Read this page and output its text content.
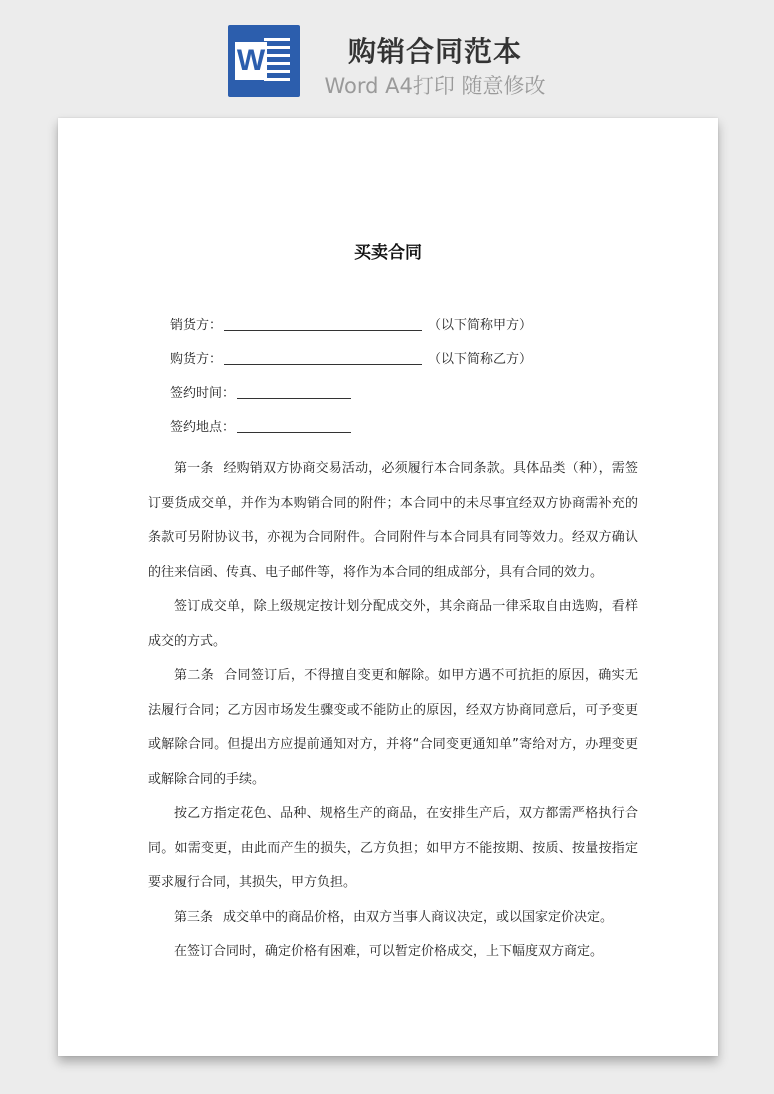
W	购销合同范本
Word A4打印 随意修改
买卖合同
销货方：	（以下简称甲方）
购货方：	（以下简称乙方）
签约时间：
签约地点：

第一条 经购销双方协商交易活动，必须履行本合同条款。具体品类（种），需签订要货成交单，并作为本购销合同的附件；本合同中的未尽事宜经双方协商需补充的条款可另附协议书，亦视为合同附件。合同附件与本合同具有同等效力。经双方确认的往来信函、传真、电子邮件等，将作为本合同的组成部分，具有合同的效力。

签订成交单，除上级规定按计划分配成交外，其余商品一律采取自由选购，看样成交的方式。

第二条 合同签订后，不得擅自变更和解除。如甲方遇不可抗拒的原因，确实无法履行合同；乙方因市场发生骤变或不能防止的原因，经双方协商同意后，可予变更或解除合同。但提出方应提前通知对方，并将“合同变更通知单”寄给对方，办理变更或解除合同的手续。

按乙方指定花色、品种、规格生产的商品，在安排生产后，双方都需严格执行合同。如需变更，由此而产生的损失，乙方负担；如甲方不能按期、按质、按量按指定要求履行合同，其损失，甲方负担。

第三条 成交单中的商品价格，由双方当事人商议决定，或以国家定价决定。

在签订合同时，确定价格有困难，可以暂定价格成交，上下幅度双方商定。
